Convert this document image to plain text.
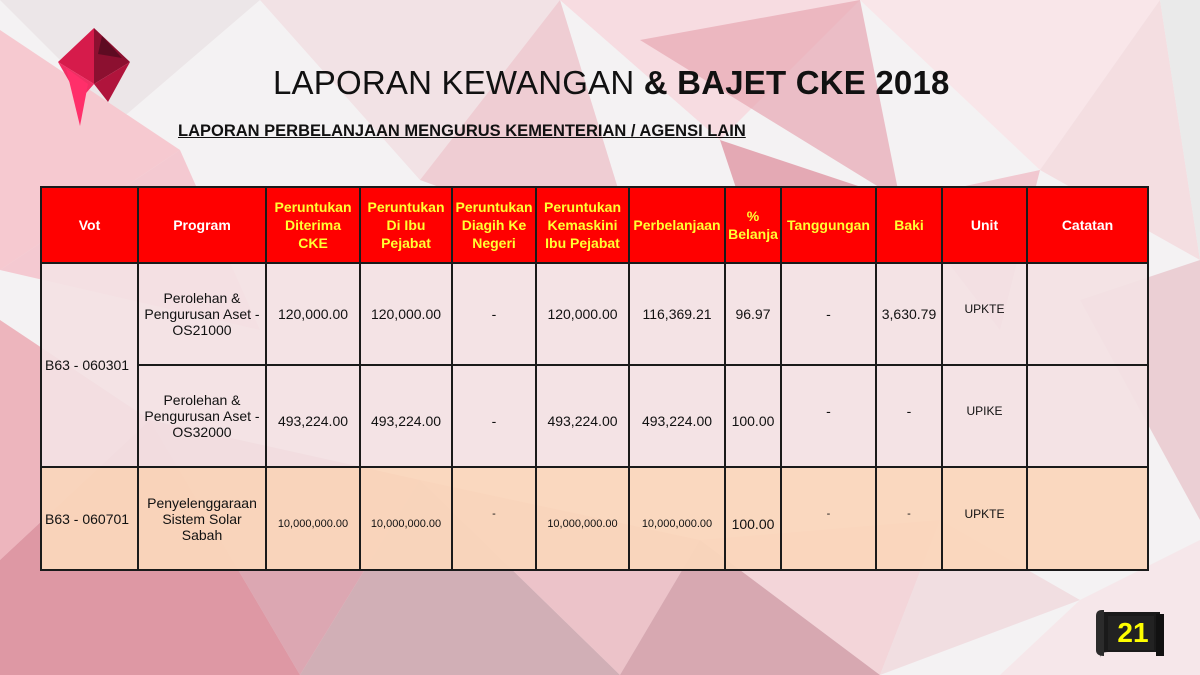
LAPORAN KEWANGAN & BAJET CKE 2018
LAPORAN PERBELANJAAN MENGURUS KEMENTERIAN / AGENSI LAIN
Vot	Program	Peruntukan Diterima CKE	Peruntukan Di Ibu Pejabat	Peruntukan Diagih Ke Negeri	Peruntukan Kemaskini Ibu Pejabat	Perbelanjaan	% Belanja	Tanggungan	Baki	Unit	Catatan
B63 - 060301	Perolehan & Pengurusan Aset - OS21000	120,000.00	120,000.00	-	120,000.00	116,369.21	96.97	-	3,630.79	UPKTE	
	Perolehan & Pengurusan Aset - OS32000	493,224.00	493,224.00	-	493,224.00	493,224.00	100.00	-	-	UPIKE	
B63 - 060701	Penyelenggaraan Sistem Solar Sabah	10,000,000.00	10,000,000.00	-	10,000,000.00	10,000,000.00	100.00	-	-	UPKTE	
21
